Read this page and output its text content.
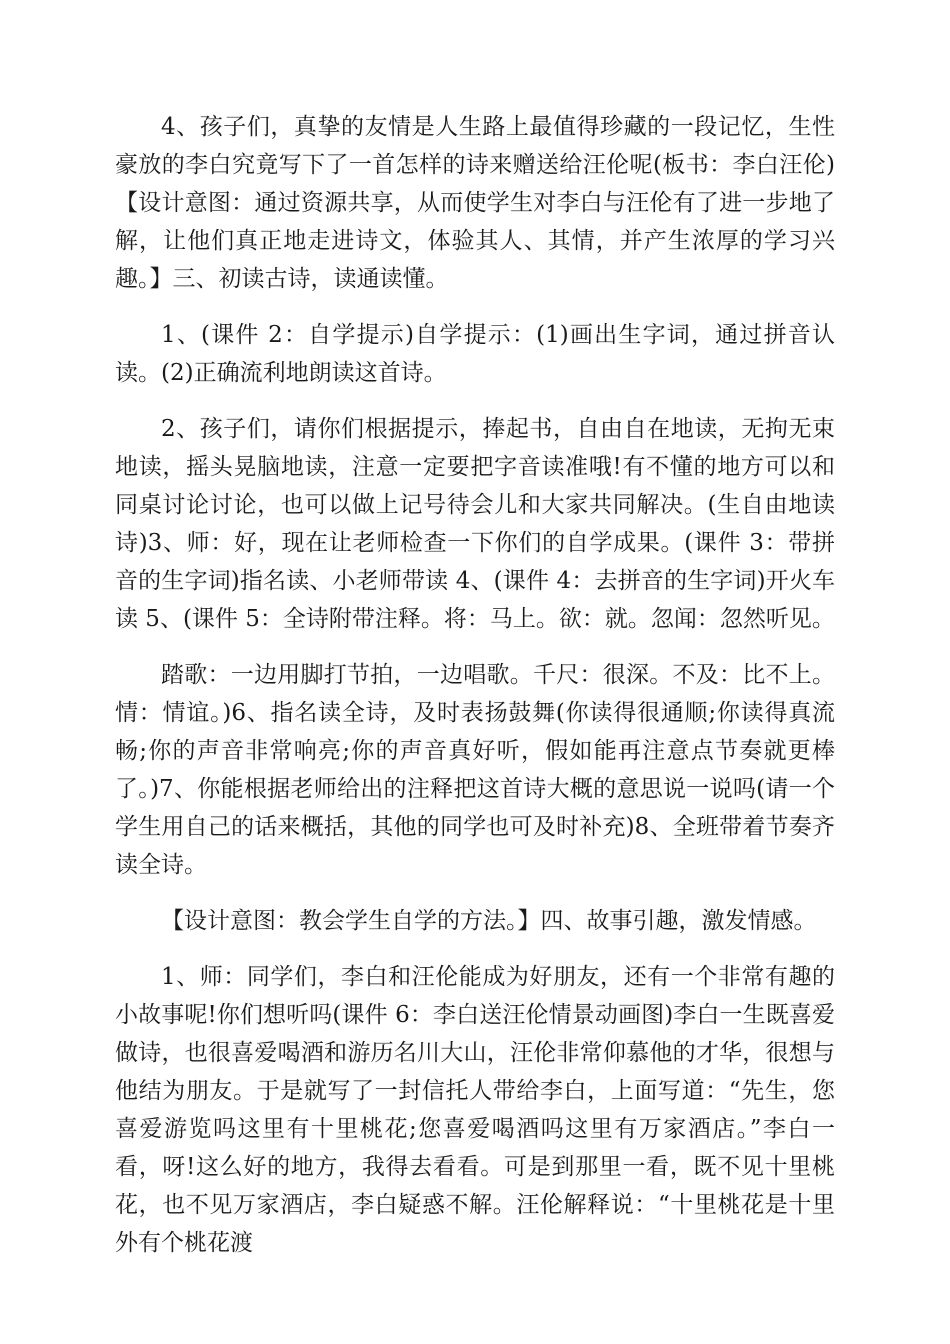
4、孩子们，真挚的友情是人生路上最值得珍藏的一段记忆，生性豪放的李白究竟写下了一首怎样的诗来赠送给汪伦呢(板书：李白汪伦)【设计意图：通过资源共享，从而使学生对李白与汪伦有了进一步地了解，让他们真正地走进诗文，体验其人、其情，并产生浓厚的学习兴趣。】三、初读古诗，读通读懂。

1、(课件 2：自学提示)自学提示：(1)画出生字词，通过拼音认读。(2)正确流利地朗读这首诗。

2、孩子们，请你们根据提示，捧起书，自由自在地读，无拘无束地读，摇头晃脑地读，注意一定要把字音读准哦!有不懂的地方可以和同桌讨论讨论，也可以做上记号待会儿和大家共同解决。(生自由地读诗)3、师：好，现在让老师检查一下你们的自学成果。(课件 3：带拼音的生字词)指名读、小老师带读 4、(课件 4：去拼音的生字词)开火车读 5、(课件 5：全诗附带注释。将：马上。欲：就。忽闻：忽然听见。

踏歌：一边用脚打节拍，一边唱歌。千尺：很深。不及：比不上。情：情谊。)6、指名读全诗，及时表扬鼓舞(你读得很通顺;你读得真流畅;你的声音非常响亮;你的声音真好听，假如能再注意点节奏就更棒了。)7、你能根据老师给出的注释把这首诗大概的意思说一说吗(请一个学生用自己的话来概括，其他的同学也可及时补充)8、全班带着节奏齐读全诗。

【设计意图：教会学生自学的方法。】四、故事引趣，激发情感。

1、师：同学们，李白和汪伦能成为好朋友，还有一个非常有趣的小故事呢!你们想听吗(课件 6：李白送汪伦情景动画图)李白一生既喜爱做诗，也很喜爱喝酒和游历名川大山，汪伦非常仰慕他的才华，很想与他结为朋友。于是就写了一封信托人带给李白，上面写道：“先生，您喜爱游览吗这里有十里桃花;您喜爱喝酒吗这里有万家酒店。”李白一看，呀!这么好的地方，我得去看看。可是到那里一看，既不见十里桃花，也不见万家酒店，李白疑惑不解。汪伦解释说：“十里桃花是十里外有个桃花渡
